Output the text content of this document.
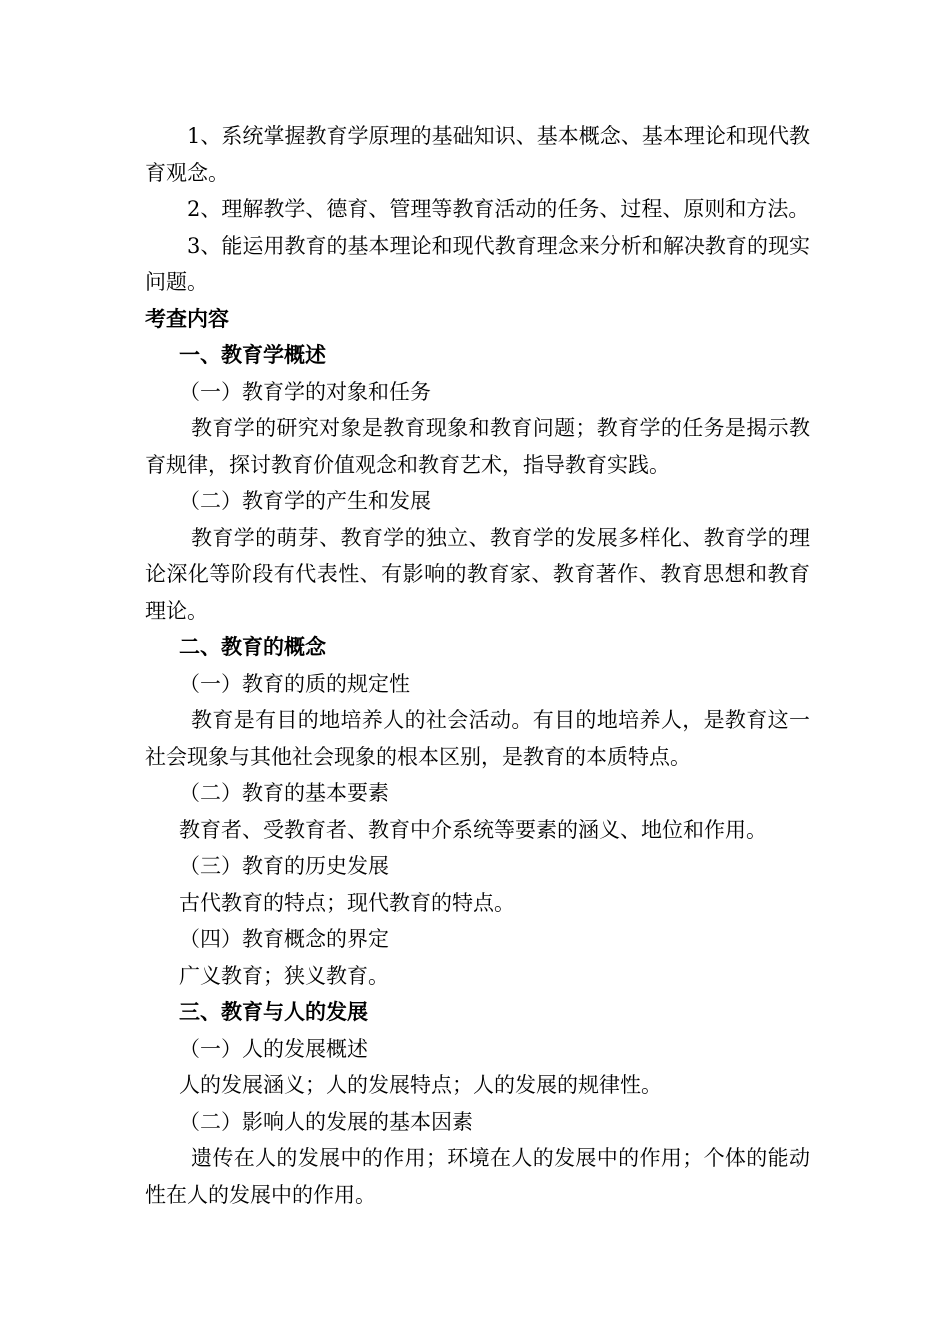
1、系统掌握教育学原理的基础知识、基本概念、基本理论和现代教育观念。

2、理解教学、德育、管理等教育活动的任务、过程、原则和方法。

3、能运用教育的基本理论和现代教育理念来分析和解决教育的现实问题。

考查内容

一、教育学概述

（一）教育学的对象和任务

教育学的研究对象是教育现象和教育问题；教育学的任务是揭示教育规律，探讨教育价值观念和教育艺术，指导教育实践。

（二）教育学的产生和发展

教育学的萌芽、教育学的独立、教育学的发展多样化、教育学的理论深化等阶段有代表性、有影响的教育家、教育著作、教育思想和教育理论。

二、教育的概念

（一）教育的质的规定性

教育是有目的地培养人的社会活动。有目的地培养人，是教育这一社会现象与其他社会现象的根本区别，是教育的本质特点。

（二）教育的基本要素

教育者、受教育者、教育中介系统等要素的涵义、地位和作用。

（三）教育的历史发展

古代教育的特点；现代教育的特点。

（四）教育概念的界定

广义教育；狭义教育。

三、教育与人的发展

（一）人的发展概述

人的发展涵义；人的发展特点；人的发展的规律性。

（二）影响人的发展的基本因素

遗传在人的发展中的作用；环境在人的发展中的作用；个体的能动性在人的发展中的作用。
